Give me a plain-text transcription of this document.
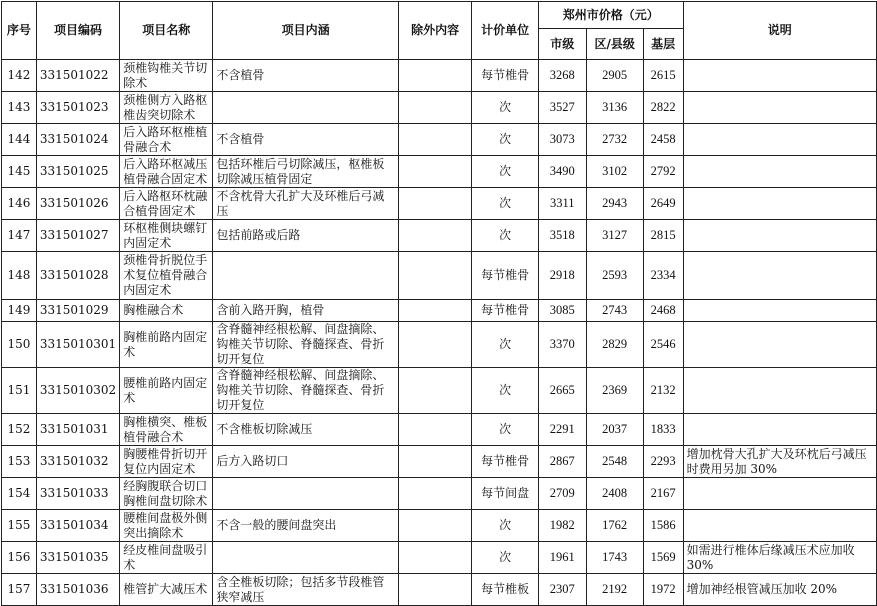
序号	项目编码	项目名称	项目内涵	除外内容	计价单位	郑州市价格（元）			说明
						市级	区/县级	基层	
142	331501022	颈椎钩椎关节切除术	不含植骨		每节椎骨	3268	2905	2615	
143	331501023	颈椎侧方入路枢椎齿突切除术			次	3527	3136	2822	
144	331501024	后入路环枢椎植骨融合术	不含植骨		次	3073	2732	2458	
145	331501025	后入路环枢减压植骨融合固定术	包括环椎后弓切除减压，枢椎板切除减压植骨固定		次	3490	3102	2792	
146	331501026	后入路枢环枕融合植骨固定术	不含枕骨大孔扩大及环椎后弓减压		次	3311	2943	2649	
147	331501027	环枢椎侧块螺钉内固定术	包括前路或后路		次	3518	3127	2815	
148	331501028	颈椎骨折脱位手术复位植骨融合内固定术			每节椎骨	2918	2593	2334	
149	331501029	胸椎融合术	含前入路开胸，植骨		每节椎骨	3085	2743	2468	
150	3315010301	胸椎前路内固定术	含脊髓神经根松解、间盘摘除、钩椎关节切除、脊髓探查、骨折切开复位		次	3370	2829	2546	
151	3315010302	腰椎前路内固定术	含脊髓神经根松解、间盘摘除、钩椎关节切除、脊髓探查、骨折切开复位		次	2665	2369	2132	
152	331501031	胸椎横突、椎板植骨融合术	不含椎板切除减压		次	2291	2037	1833	
153	331501032	胸腰椎骨折切开复位内固定术	后方入路切口		每节椎骨	2867	2548	2293	增加枕骨大孔扩大及环枕后弓减压时费用另加 30%
154	331501033	经胸腹联合切口胸椎间盘切除术			每节间盘	2709	2408	2167	
155	331501034	腰椎间盘极外侧突出摘除术	不含一般的腰间盘突出		次	1982	1762	1586	
156	331501035	经皮椎间盘吸引术			次	1961	1743	1569	如需进行椎体后缘减压术应加收 30%
157	331501036	椎管扩大减压术	含全椎板切除；包括多节段椎管狭窄减压		每节椎板	2307	2192	1972	增加神经根管减压加收 20%
